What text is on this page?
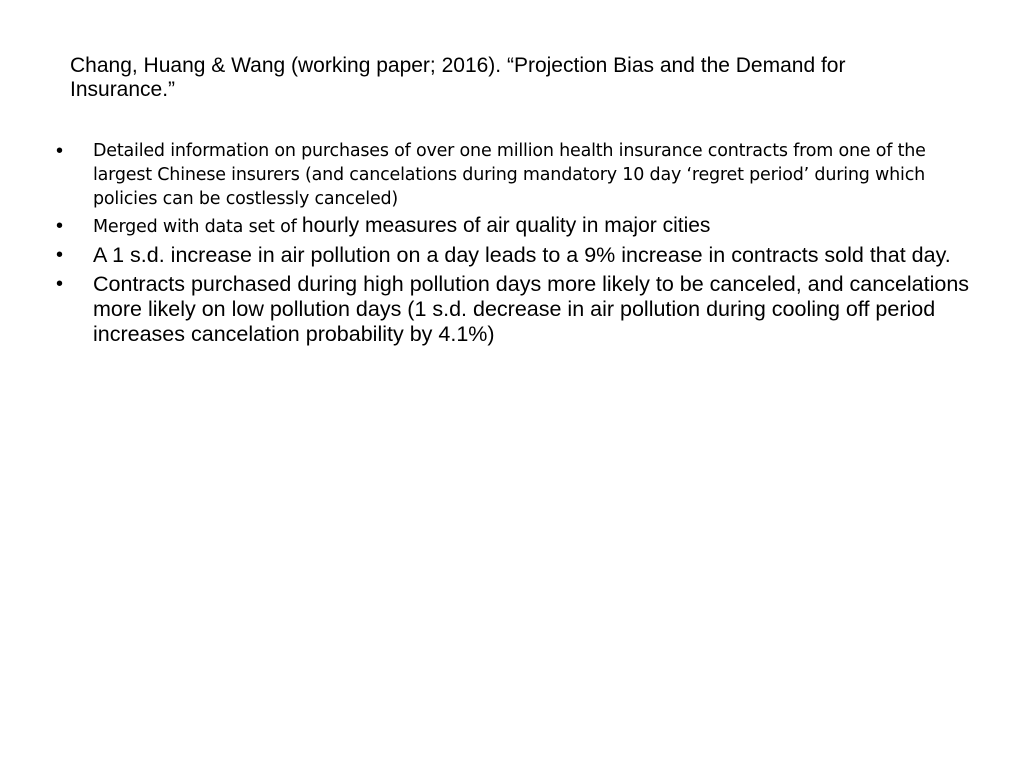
Chang, Huang & Wang (working paper; 2016). “Projection Bias and the Demand for Insurance.”
• Detailed information on purchases of over one million health insurance contracts from one of the largest Chinese insurers (and cancelations during mandatory 10 day ‘regret period’ during which policies can be costlessly canceled)
• Merged with data set of hourly measures of air quality in major cities
• A 1 s.d. increase in air pollution on a day leads to a 9% increase in contracts sold that day.
• Contracts purchased during high pollution days more likely to be canceled, and cancelations more likely on low pollution days (1 s.d. decrease in air pollution during cooling off period increases cancelation probability by 4.1%)
